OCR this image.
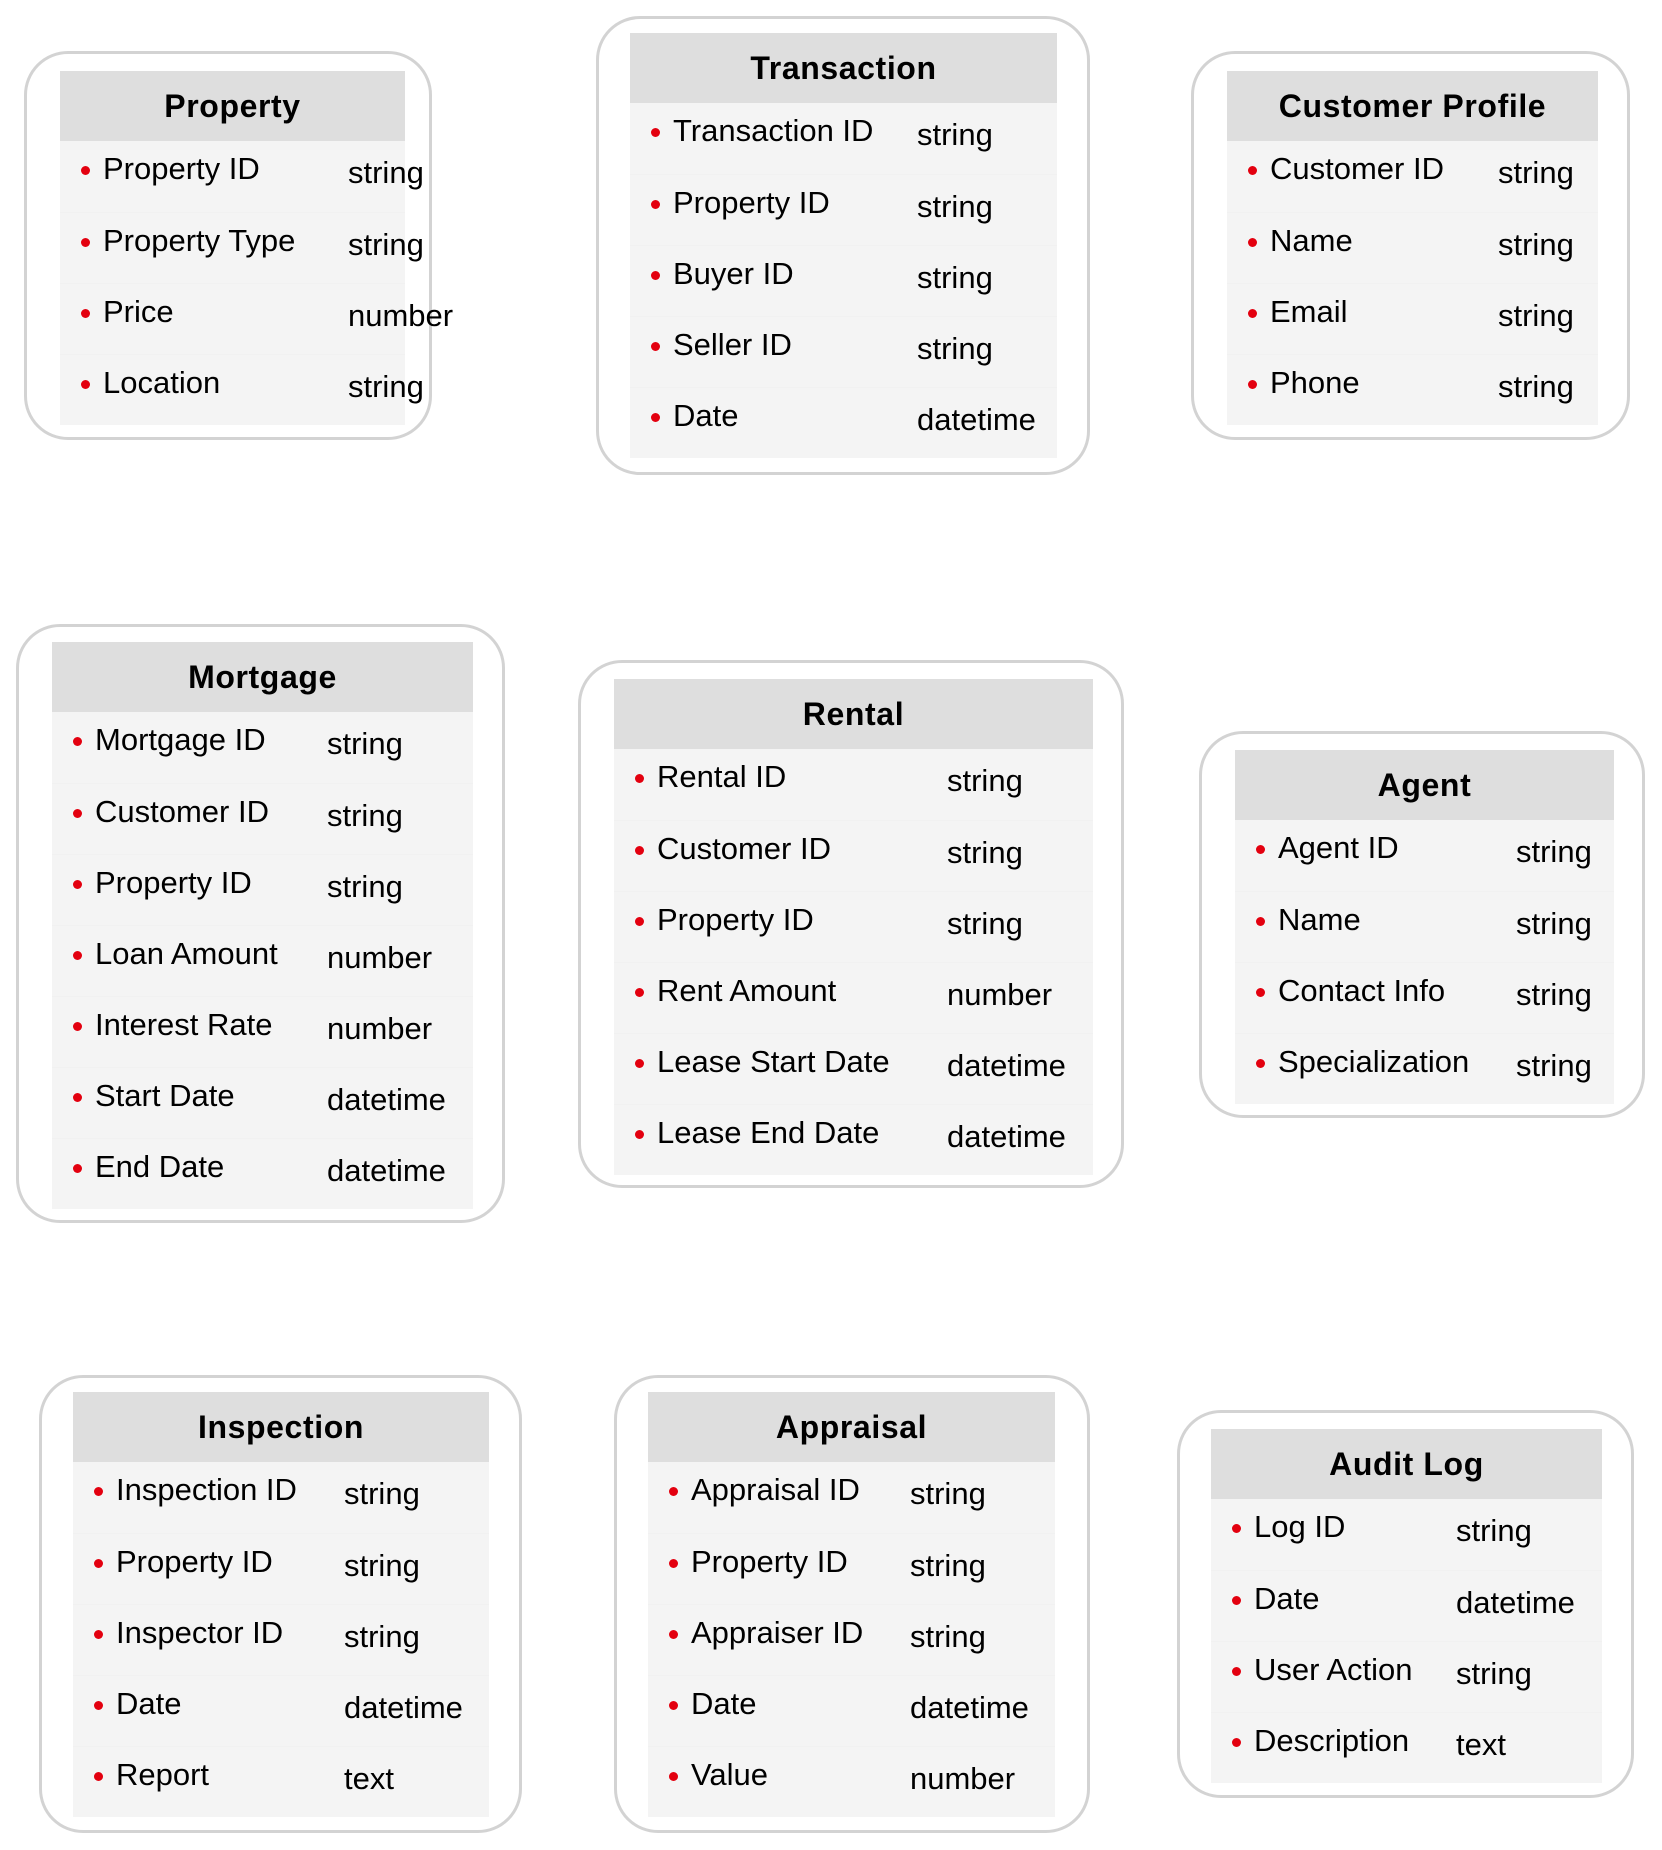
Property
Property ID	string
Property Type string
Price	number
Location	string
Transaction
Transaction ID string
Property ID	string
Buyer ID	string
Seller ID	string
Date	datetime
Customer Profile
Customer ID string
Name	string
Email	string
Phone	string
Mortgage
Mortgage ID string
Customer ID string
Property ID string
Loan Amount number
Interest Rate number
Start Date	datetime
End Date	datetime
Rental
Rental ID	string
Customer ID	string
Property ID	string
Rent Amount	number
Lease Start Date datetime
Lease End Date datetime
Agent
Agent ID	string
Name	string
Contact Info string
Specialization string
Inspection
Inspection ID string
Property ID string
Inspector ID string
Date	datetime
Report	text
Appraisal
Appraisal ID string
Property ID string
Appraiser ID string
Date	datetime
Value	number
Audit Log
Log ID	string
Date	datetime
User Action string
Description text
